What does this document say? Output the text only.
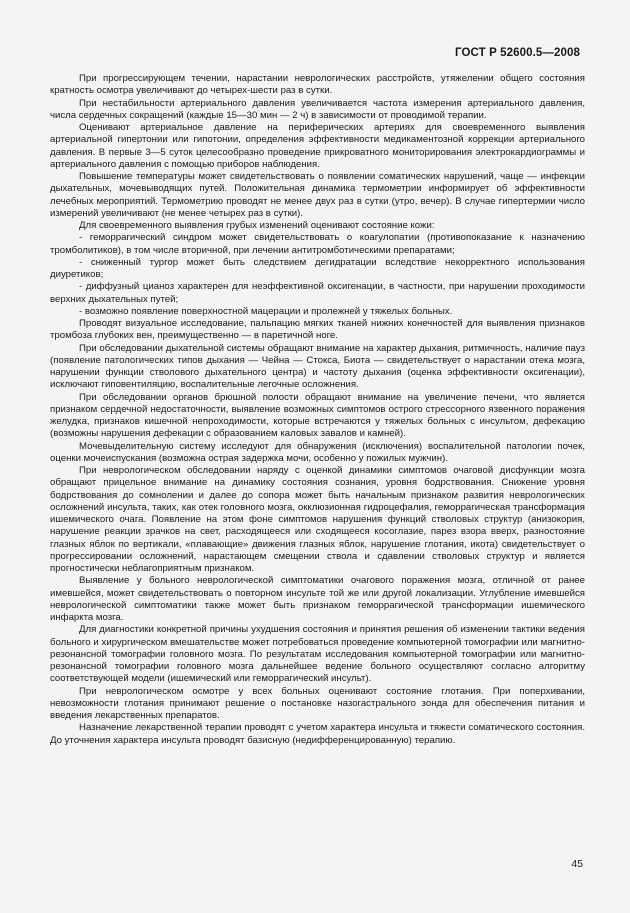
ГОСТ Р 52600.5—2008

При прогрессирующем течении, нарастании неврологических расстройств, утяжелении общего состояния кратность осмотра увеличивают до четырех-шести раз в сутки.

При нестабильности артериального давления увеличивается частота измерения артериального давления, числа сердечных сокращений (каждые 15—30 мин — 2 ч) в зависимости от проводимой терапии.

Оценивают артериальное давление на периферических артериях для своевременного выявления артериальной гипертонии или гипотонии, определения эффективности медикаментозной коррекции артериального давления. В первые 3—5 суток целесообразно проведение прикроватного мониторирования электрокардиограммы и артериального давления с помощью приборов наблюдения.

Повышение температуры может свидетельствовать о появлении соматических нарушений, чаще — инфекции дыхательных, мочевыводящих путей. Положительная динамика термометрии информирует об эффективности лечебных мероприятий. Термометрию проводят не менее двух раз в сутки (утро, вечер). В случае гипертермии число измерений увеличивают (не менее четырех раз в сутки).

Для своевременного выявления грубых изменений оценивают состояние кожи:

- геморрагический синдром может свидетельствовать о коагулопатии (противопоказание к назначению тромболитиков), в том числе вторичной, при лечении антитромботическими препаратами;

- сниженный тургор может быть следствием дегидратации вследствие некорректного использования диуретиков;

- диффузный цианоз характерен для неэффективной оксигенации, в частности, при нарушении проходимости верхних дыхательных путей;

- возможно появление поверхностной мацерации и пролежней у тяжелых больных.

Проводят визуальное исследование, пальпацию мягких тканей нижних конечностей для выявления признаков тромбоза глубоких вен, преимущественно — в паретичной ноге.

При обследовании дыхательной системы обращают внимание на характер дыхания, ритмичность, наличие пауз (появление патологических типов дыхания — Чейна — Стокса, Биота — свидетельствует о нарастании отека мозга, нарушении функции стволового дыхательного центра) и частоту дыхания (оценка эффективности оксигенации), исключают гиповентиляцию, воспалительные легочные осложнения.

При обследовании органов брюшной полости обращают внимание на увеличение печени, что является признаком сердечной недостаточности, выявление возможных симптомов острого стрессорного язвенного поражения желудка, признаков кишечной непроходимости, которые встречаются у тяжелых больных с инсультом, дефекацию (возможны нарушения дефекации с образованием каловых завалов и камней).

Мочевыделительную систему исследуют для обнаружения (исключения) воспалительной патологии почек, оценки мочеиспускания (возможна острая задержка мочи, особенно у пожилых мужчин).

При неврологическом обследовании наряду с оценкой динамики симптомов очаговой дисфункции мозга обращают прицельное внимание на динамику состояния сознания, уровня бодрствования. Снижение уровня бодрствования до сомнолении и далее до сопора может быть начальным признаком развития неврологических осложнений инсульта, таких, как отек головного мозга, окклюзионная гидроцефалия, геморрагическая трансформация ишемического очага. Появление на этом фоне симптомов нарушения функций стволовых структур (анизокория, нарушение реакции зрачков на свет, расходящееся или сходящееся косоглазие, парез взора вверх, разностояние глазных яблок по вертикали, «плавающие» движения глазных яблок, нарушение глотания, икота) свидетельствует о прогрессировании осложнений, нарастающем смещении ствола и сдавлении стволовых структур и является прогностически неблагоприятным признаком.

Выявление у больного неврологической симптоматики очагового поражения мозга, отличной от ранее имевшейся, может свидетельствовать о повторном инсульте той же или другой локализации. Углубление имевшейся неврологической симптоматики также может быть признаком геморрагической трансформации ишемического инфаркта мозга.

Для диагностики конкретной причины ухудшения состояния и принятия решения об изменении тактики ведения больного и хирургическом вмешательстве может потребоваться проведение компьютерной томографии или магнитно-резонансной томографии головного мозга. По результатам исследования компьютерной томографии или магнитно-резонансной томографии головного мозга дальнейшее ведение больного осуществляют согласно алгоритму соответствующей модели (ишемический или геморрагический инсульт).

При неврологическом осмотре у всех больных оценивают состояние глотания. При поперхивании, невозможности глотания принимают решение о постановке назогастрального зонда для обеспечения питания и введения лекарственных препаратов.

Назначение лекарственной терапии проводят с учетом характера инсульта и тяжести соматического состояния. До уточнения характера инсульта проводят базисную (недифференцированную) терапию.

45
